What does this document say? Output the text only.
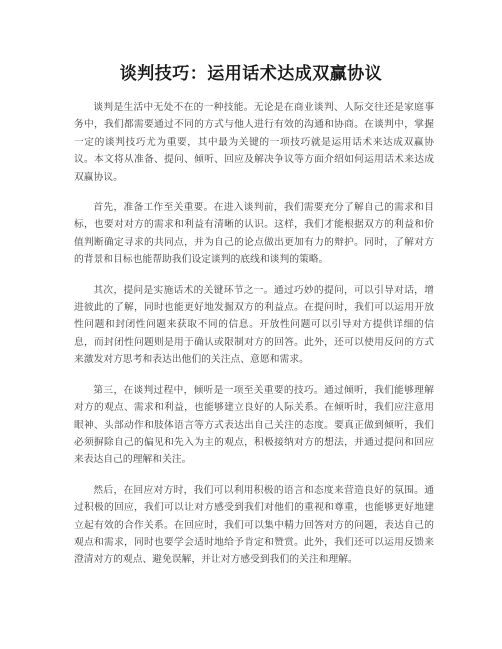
谈判技巧：运用话术达成双赢协议

谈判是生活中无处不在的一种技能。无论是在商业谈判、人际交往还是家庭事务中，我们都需要通过不同的方式与他人进行有效的沟通和协商。在谈判中，掌握一定的谈判技巧尤为重要，其中最为关键的一项技巧就是运用话术来达成双赢协议。本文将从准备、提问、倾听、回应及解决争议等方面介绍如何运用话术来达成双赢协议。

首先，准备工作至关重要。在进入谈判前，我们需要充分了解自己的需求和目标，也要对对方的需求和利益有清晰的认识。这样，我们才能根据双方的利益和价值判断确定寻求的共同点，并为自己的论点做出更加有力的辩护。同时，了解对方的背景和目标也能帮助我们设定谈判的底线和谈判的策略。

其次，提问是实施话术的关键环节之一。通过巧妙的提问，可以引导对话，增进彼此的了解，同时也能更好地发掘双方的利益点。在提问时，我们可以运用开放性问题和封闭性问题来获取不同的信息。开放性问题可以引导对方提供详细的信息，而封闭性问题则是用于确认或限制对方的回答。此外，还可以使用反问的方式来激发对方思考和表达出他们的关注点、意愿和需求。

第三，在谈判过程中，倾听是一项至关重要的技巧。通过倾听，我们能够理解对方的观点、需求和利益，也能够建立良好的人际关系。在倾听时，我们应注意用眼神、头部动作和肢体语言等方式表达出自己关注的态度。要真正做到倾听，我们必须摒除自己的偏见和先入为主的观点，积极接纳对方的想法，并通过提问和回应来表达自己的理解和关注。

然后，在回应对方时，我们可以利用积极的语言和态度来营造良好的氛围。通过积极的回应，我们可以让对方感受到我们对他们的重视和尊重，也能够更好地建立起有效的合作关系。在回应时，我们可以集中精力回答对方的问题，表达自己的观点和需求，同时也要学会适时地给予肯定和赞赏。此外，我们还可以运用反馈来澄清对方的观点、避免误解，并让对方感受到我们的关注和理解。
